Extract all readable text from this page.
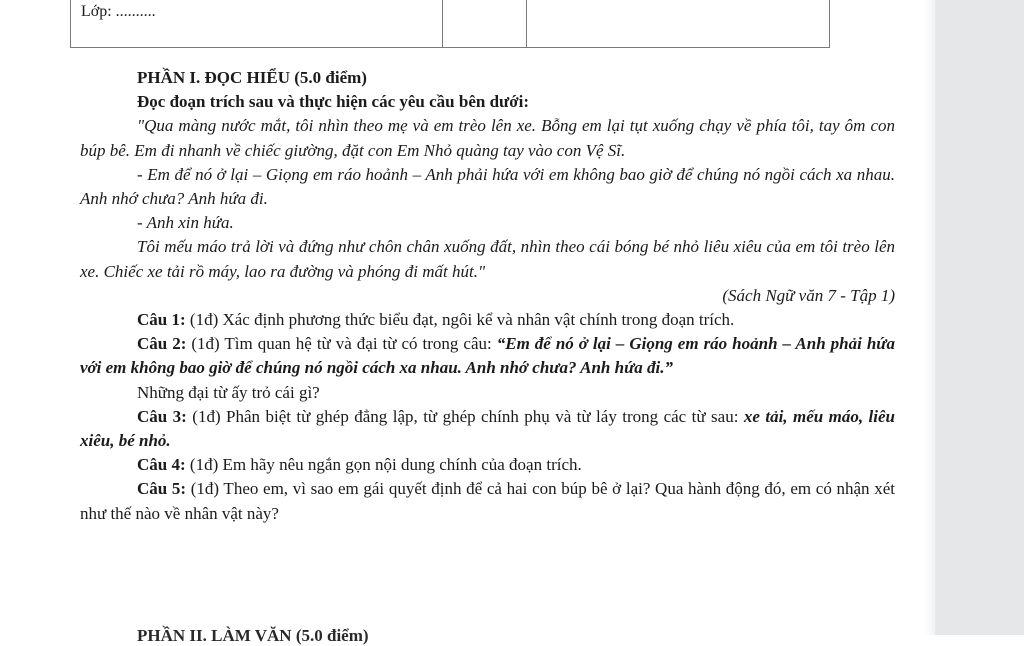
Lớp: ..........

PHẦN I. ĐỌC HIỂU (5.0 điểm)

Đọc đoạn trích sau và thực hiện các yêu cầu bên dưới:

"Qua màng nước mắt, tôi nhìn theo mẹ và em trèo lên xe. Bỗng em lại tụt xuống chạy về phía tôi, tay ôm con búp bê. Em đi nhanh về chiếc giường, đặt con Em Nhỏ quàng tay vào con Vệ Sĩ.

- Em để nó ở lại – Giọng em ráo hoảnh – Anh phải hứa với em không bao giờ để chúng nó ngồi cách xa nhau. Anh nhớ chưa? Anh hứa đi.

- Anh xin hứa.

Tôi mếu máo trả lời và đứng như chôn chân xuống đất, nhìn theo cái bóng bé nhỏ liêu xiêu của em tôi trèo lên xe. Chiếc xe tải rồ máy, lao ra đường và phóng đi mất hút."

(Sách Ngữ văn 7 - Tập 1)

Câu 1: (1đ) Xác định phương thức biểu đạt, ngôi kể và nhân vật chính trong đoạn trích.

Câu 2: (1đ) Tìm quan hệ từ và đại từ có trong câu: “Em để nó ở lại – Giọng em ráo hoảnh – Anh phải hứa với em không bao giờ để chúng nó ngồi cách xa nhau. Anh nhớ chưa? Anh hứa đi.”

Những đại từ ấy trỏ cái gì?

Câu 3: (1đ) Phân biệt từ ghép đẳng lập, từ ghép chính phụ và từ láy trong các từ sau: xe tải, mếu máo, liêu xiêu, bé nhỏ.

Câu 4: (1đ) Em hãy nêu ngắn gọn nội dung chính của đoạn trích.

Câu 5: (1đ) Theo em, vì sao em gái quyết định để cả hai con búp bê ở lại? Qua hành động đó, em có nhận xét như thế nào về nhân vật này?

PHẦN II. LÀM VĂN (5.0 điểm)
